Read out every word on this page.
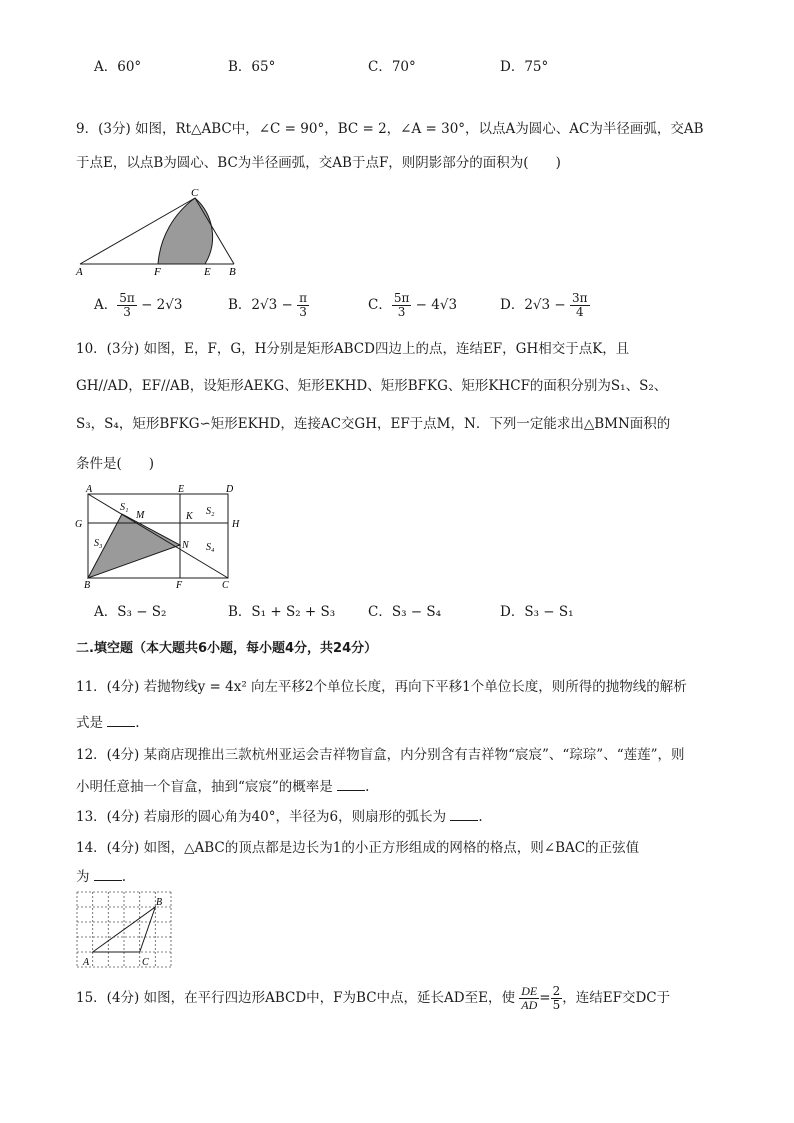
A．60°	B．65°	C．70°	D．75°
9．(3分) 如图，Rt△ABC中，∠C = 90°，BC = 2，∠A = 30°，以点A为圆心、AC为半径画弧，交AB
于点E，以点B为圆心、BC为半径画弧，交AB于点F，则阴影部分的面积为(　　)
A	B
C
E
F
A． $\frac{5\pi}{3} - 2√3$	B．$2√3 - \frac{\pi}{3}$	C． $\frac{5\pi}{3} - 4√3$	D．$2√3 - \frac{3\pi}{4}$
10．(3分) 如图，E，F，G，H分别是矩形ABCD四边上的点，连结EF，GH相交于点K，且
GH//AD，EF//AB，设矩形AEKG、矩形EKHD、矩形BFKG、矩形KHCF的面积分别为S₁、S₂、
S₃，S₄，矩形BFKG∽矩形EKHD，连接AC交GH，EF于点M，N．下列一定能求出△BMN面积的
条件是(　　)
A
B	C
D
E
F
G	H
K
M
N
S₁	S₂
S₃	S₄
A．S₃ − S₂	B．S₁ + S₂ + S₃ C．S₃ − S₄	D．S₃ − S₁
二.填空题（本大题共6小题，每小题4分，共24分）
11．(4分) 若抛物线y = 4x² 向左平移2个单位长度，再向下平移1个单位长度，则所得的抛物线的解析
式是 .
12．(4分) 某商店现推出三款杭州亚运会吉祥物盲盒，内分别含有吉祥物“宸宸”、“琮琮”、“莲莲”，则
小明任意抽一个盲盒，抽到“宸宸”的概率是 .
13．(4分) 若扇形的圆心角为40°，半径为6，则扇形的弧长为 .
14．(4分) 如图，△ABC的顶点都是边长为1的小正方形组成的网格的格点，则∠BAC的正弦值
为 .
A
B
C
15．(4分) 如图，在平行四边形ABCD中，F为BC中点，延长AD至E，使 $\frac{DE}{AD} = \frac{2}{5}$ ，连结EF交DC于
